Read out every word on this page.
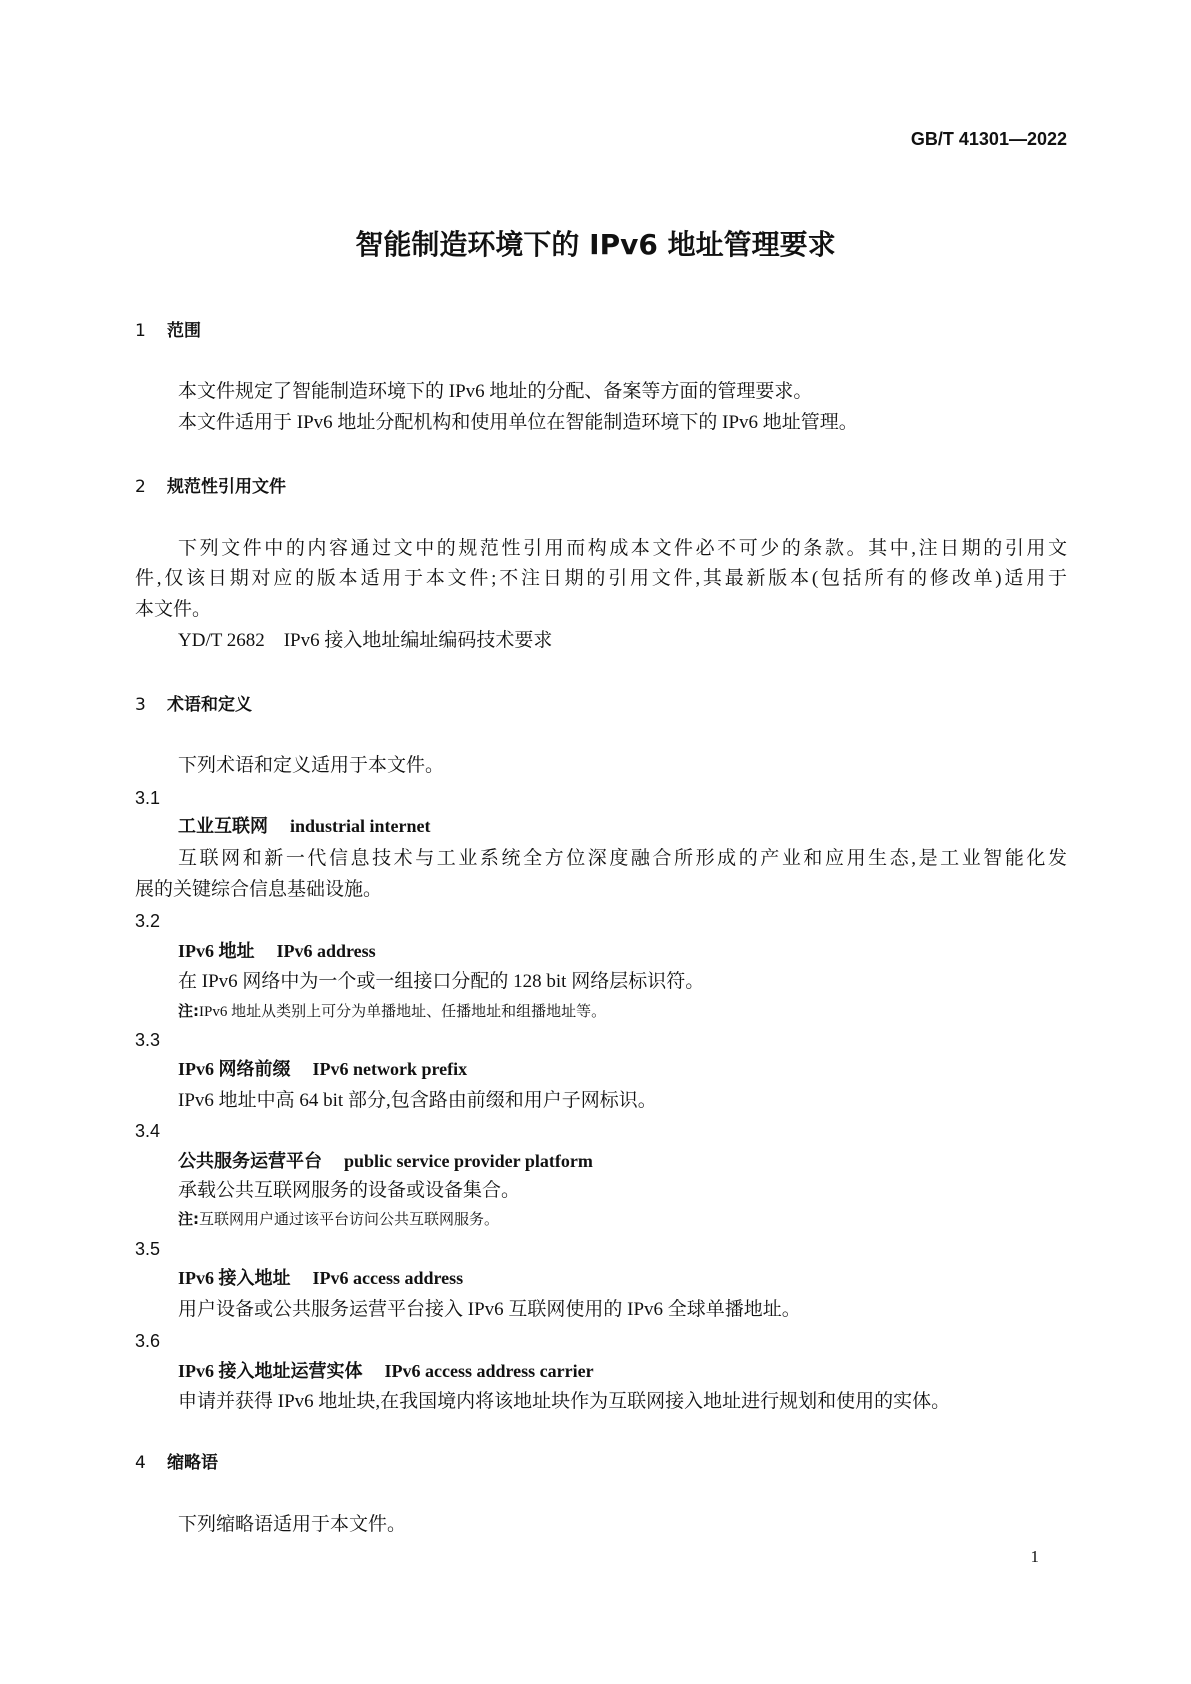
GB/T 41301—2022
智能制造环境下的 IPv6 地址管理要求
1 范围
本文件规定了智能制造环境下的 IPv6 地址的分配、备案等方面的管理要求。
本文件适用于 IPv6 地址分配机构和使用单位在智能制造环境下的 IPv6 地址管理。
2 规范性引用文件
下列文件中的内容通过文中的规范性引用而构成本文件必不可少的条款。其中,注日期的引用文
件,仅该日期对应的版本适用于本文件;不注日期的引用文件,其最新版本(包括所有的修改单)适用于
本文件。
YD/T 2682　IPv6 接入地址编址编码技术要求
3 术语和定义
下列术语和定义适用于本文件。
3.1
工业互联网 industrial internet
互联网和新一代信息技术与工业系统全方位深度融合所形成的产业和应用生态,是工业智能化发
展的关键综合信息基础设施。
3.2
IPv6 地址 IPv6 address
在 IPv6 网络中为一个或一组接口分配的 128 bit 网络层标识符。
注:IPv6 地址从类别上可分为单播地址、任播地址和组播地址等。
3.3
IPv6 网络前缀 IPv6 network prefix
IPv6 地址中高 64 bit 部分,包含路由前缀和用户子网标识。
3.4
公共服务运营平台 public service provider platform
承载公共互联网服务的设备或设备集合。
注:互联网用户通过该平台访问公共互联网服务。
3.5
IPv6 接入地址 IPv6 access address
用户设备或公共服务运营平台接入 IPv6 互联网使用的 IPv6 全球单播地址。
3.6
IPv6 接入地址运营实体 IPv6 access address carrier
申请并获得 IPv6 地址块,在我国境内将该地址块作为互联网接入地址进行规划和使用的实体。
4 缩略语
下列缩略语适用于本文件。
1
